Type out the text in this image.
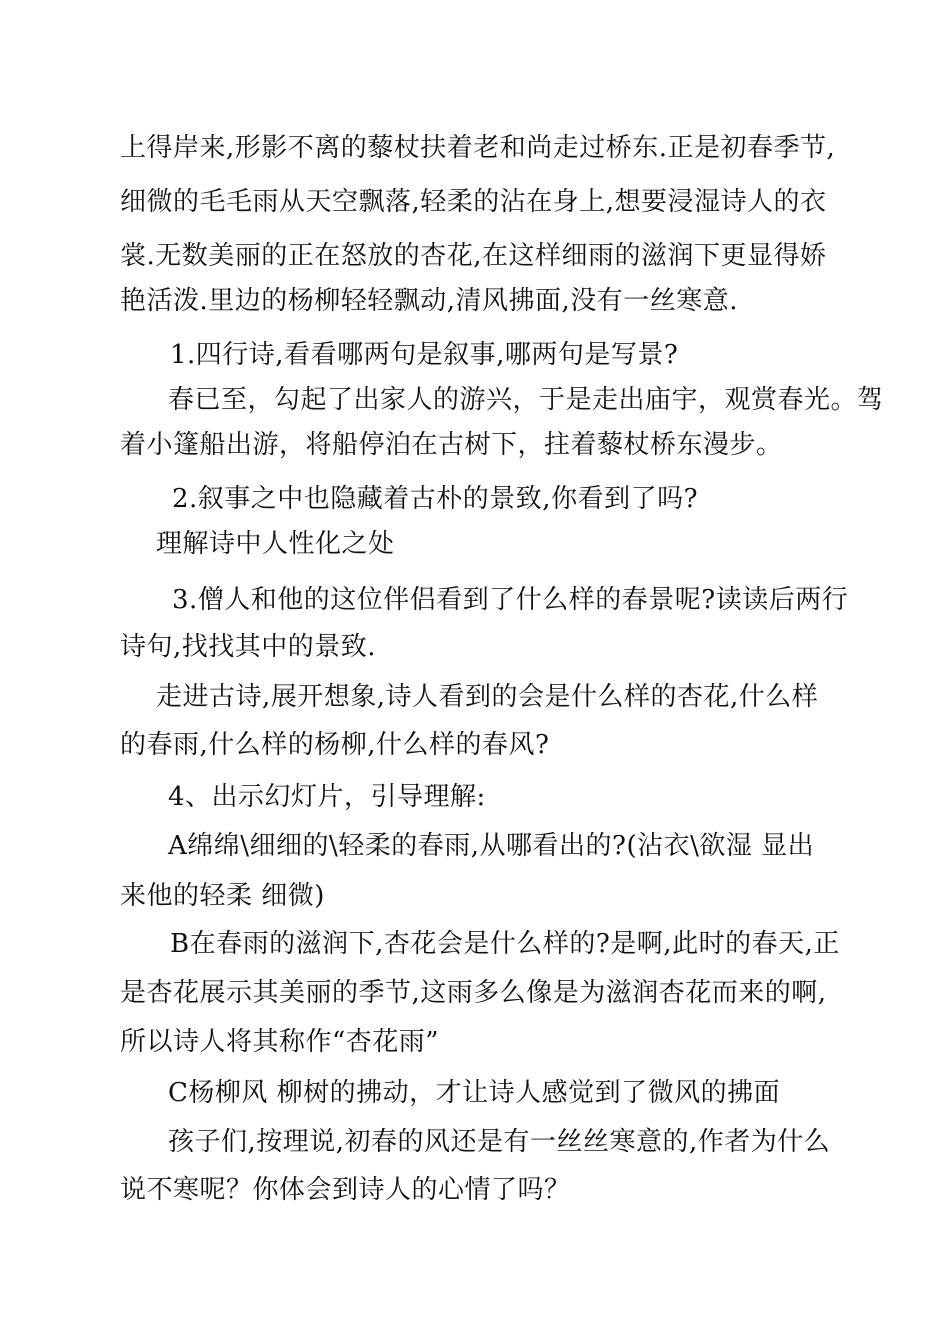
上得岸来,形影不离的藜杖扶着老和尚走过桥东.正是初春季节,
细微的毛毛雨从天空飘落,轻柔的沾在身上,想要浸湿诗人的衣
裳.无数美丽的正在怒放的杏花,在这样细雨的滋润下更显得娇
艳活泼.里边的杨柳轻轻飘动,清风拂面,没有一丝寒意.
1.四行诗,看看哪两句是叙事,哪两句是写景?
春已至，勾起了出家人的游兴，于是走出庙宇，观赏春光。驾
着小篷船出游，将船停泊在古树下，拄着藜杖桥东漫步。
2.叙事之中也隐藏着古朴的景致,你看到了吗?
理解诗中人性化之处
3.僧人和他的这位伴侣看到了什么样的春景呢?读读后两行
诗句,找找其中的景致.
走进古诗,展开想象,诗人看到的会是什么样的杏花,什么样
的春雨,什么样的杨柳,什么样的春风?
4、出示幻灯片，引导理解:
A绵绵\细细的\轻柔的春雨,从哪看出的?(沾衣\欲湿 显出
来他的轻柔 细微)
B在春雨的滋润下,杏花会是什么样的?是啊,此时的春天,正
是杏花展示其美丽的季节,这雨多么像是为滋润杏花而来的啊,
所以诗人将其称作“杏花雨”
C杨柳风 柳树的拂动，才让诗人感觉到了微风的拂面
孩子们,按理说,初春的风还是有一丝丝寒意的,作者为什么
说不寒呢？你体会到诗人的心情了吗？
